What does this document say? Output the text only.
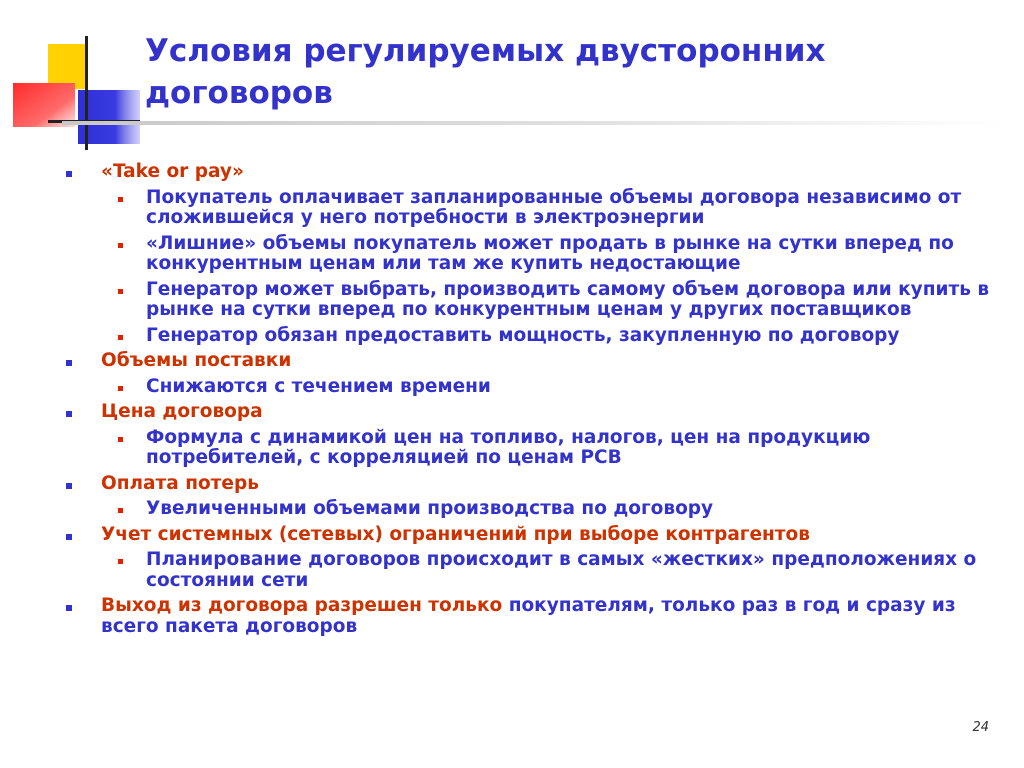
Условия регулируемых двусторонних договоров
«Take or pay»
Покупатель оплачивает запланированные объемы договора независимо от сложившейся у него потребности в электроэнергии
«Лишние» объемы покупатель может продать в рынке на сутки вперед по конкурентным ценам или там же купить недостающие
Генератор может выбрать, производить самому объем договора или купить в рынке на сутки вперед по конкурентным ценам у других поставщиков
Генератор обязан предоставить мощность, закупленную по договору
Объемы поставки
Снижаются с течением времени
Цена договора
Формула с динамикой цен на топливо, налогов, цен на продукцию потребителей, с корреляцией по ценам РСВ
Оплата потерь
Увеличенными объемами производства по договору
Учет системных (сетевых) ограничений при выборе контрагентов
Планирование договоров происходит в самых «жестких» предположениях о состоянии сети
Выход из договора разрешен только покупателям, только раз в год и сразу из всего пакета договоров
24
